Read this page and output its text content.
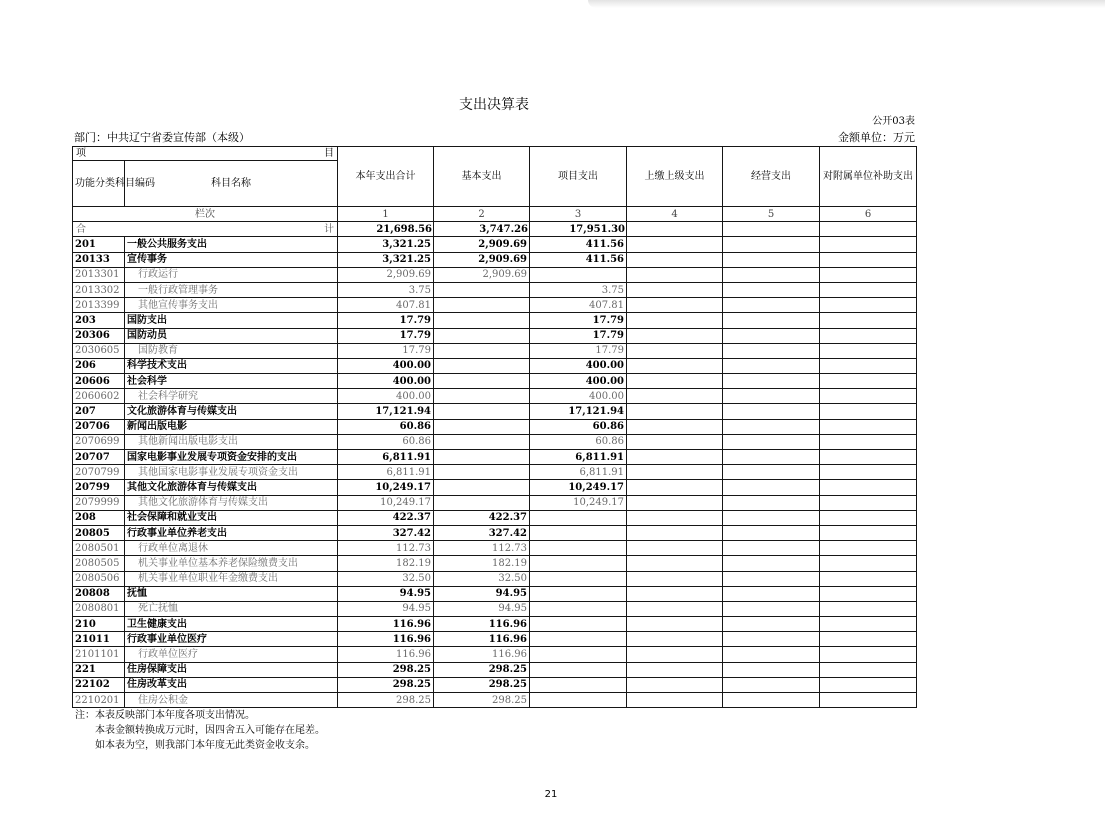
支出决算表
公开03表
部门：中共辽宁省委宣传部（本级）	金额单位：万元
项 目		本年支出合计	基本支出	项目支出	上缴上级支出	经营支出	对附属单位补助支出
功能分类科目编码	科目名称						
栏次		1	2	3	4	5	6

合 计		21,698.56	3,747.26	17,951.30			
201	一般公共服务支出	3,321.25	2,909.69	411.56			
20133	宣传事务	3,321.25	2,909.69	411.56			
2013301	行政运行	2,909.69	2,909.69				
2013302	一般行政管理事务	3.75		3.75			
2013399	其他宣传事务支出	407.81		407.81			
203	国防支出	17.79		17.79			
20306	国防动员	17.79		17.79			
2030605	国防教育	17.79		17.79			
206	科学技术支出	400.00		400.00			
20606	社会科学	400.00		400.00			
2060602	社会科学研究	400.00		400.00			
207	文化旅游体育与传媒支出	17,121.94		17,121.94			
20706	新闻出版电影	60.86		60.86			
2070699	其他新闻出版电影支出	60.86		60.86			
20707	国家电影事业发展专项资金安排的支出	6,811.91		6,811.91			
2070799	其他国家电影事业发展专项资金支出	6,811.91		6,811.91			
20799	其他文化旅游体育与传媒支出	10,249.17		10,249.17			
2079999	其他文化旅游体育与传媒支出	10,249.17		10,249.17			
208	社会保障和就业支出	422.37	422.37				
20805	行政事业单位养老支出	327.42	327.42				
2080501	行政单位离退休	112.73	112.73				
2080505	机关事业单位基本养老保险缴费支出	182.19	182.19				
2080506	机关事业单位职业年金缴费支出	32.50	32.50				
20808	抚恤	94.95	94.95				
2080801	死亡抚恤	94.95	94.95				
210	卫生健康支出	116.96	116.96				
21011	行政事业单位医疗	116.96	116.96				
2101101	行政单位医疗	116.96	116.96				
221	住房保障支出	298.25	298.25				
22102	住房改革支出	298.25	298.25				
2210201	住房公积金	298.25	298.25				
注：本表反映部门本年度各项支出情况。
本表金额转换成万元时，因四舍五入可能存在尾差。
如本表为空，则我部门本年度无此类资金收支余。
21
